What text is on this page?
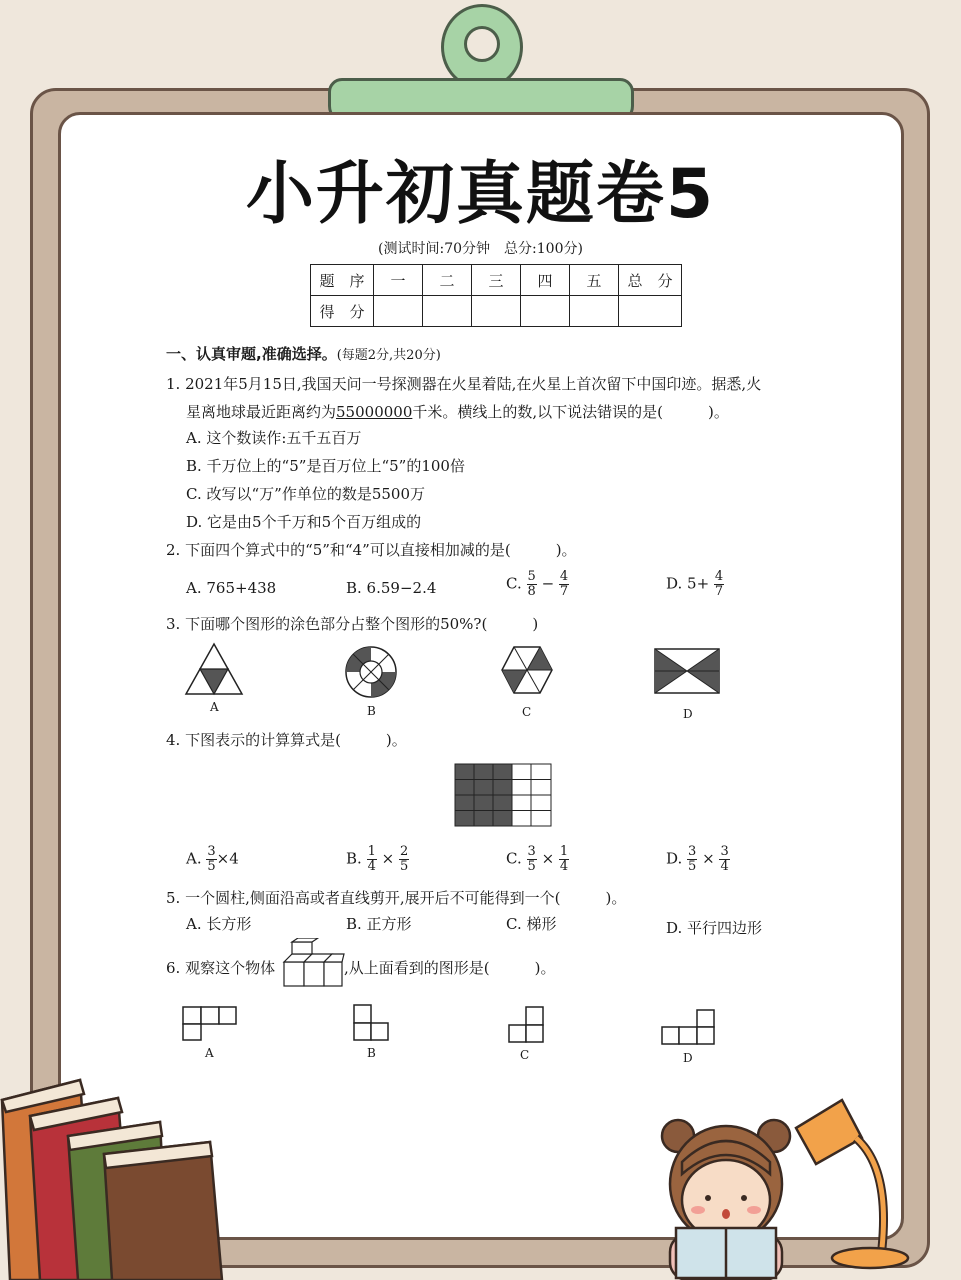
小升初真题卷5
(测试时间:70分钟　总分:100分)
题　序	一	二	三	四	五	总　分
得　分						
一、认真审题,准确选择。(每题2分,共20分)
1. 2021年5月15日,我国天问一号探测器在火星着陆,在火星上首次留下中国印迹。据悉,火
星离地球最近距离约为55000000千米。横线上的数,以下说法错误的是(　　　)。
A. 这个数读作:五千五百万
B. 千万位上的“5”是百万位上“5”的100倍
C. 改写以“万”作单位的数是5500万
D. 它是由5个千万和5个百万组成的
2. 下面四个算式中的“5”和“4”可以直接相加减的是(　　　)。
A. 765+438	B. 6.59−2.4	C. $\frac{5}{8} - \frac{4}{7}$	D. $5+ \frac{4}{7}$
3. 下面哪个图形的涂色部分占整个图形的50%?(　　　)
A	B	C	D
4. 下图表示的计算算式是(　　　)。
A. $\frac{3}{5} \times 4$	B. $\frac{1}{4} \times \frac{2}{5}$	C. $\frac{3}{5} \times \frac{1}{4}$	D. $\frac{3}{5} \times \frac{3}{4}$
5. 一个圆柱,侧面沿高或者直线剪开,展开后不可能得到一个(　　　)。
A. 长方形	B. 正方形	C. 梯形	D. 平行四边形
6. 观察这个物体	,从上面看到的图形是(　　　)。
A	B	C	D
